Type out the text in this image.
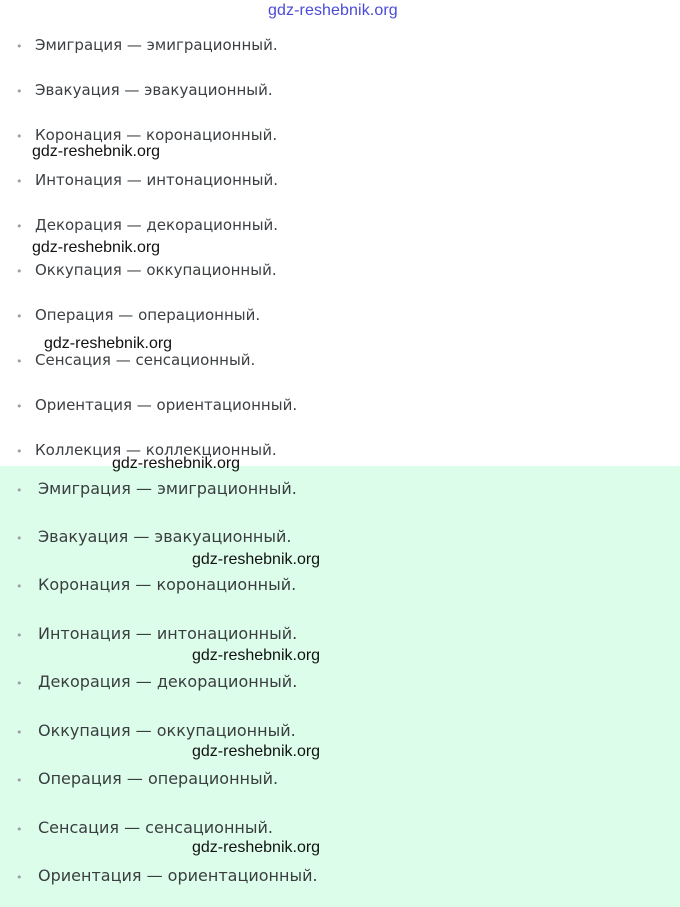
• Эмиграция — эмиграционный.
• Эвакуация — эвакуационный.
• Коронация — коронационный.
• Интонация — интонационный.
• Декорация — декорационный.
• Оккупация — оккупационный.
• Операция — операционный.
• Сенсация — сенсационный.
• Ориентация — ориентационный.
• Коллекция — коллекционный.
• Эмиграция — эмиграционный.
• Эвакуация — эвакуационный.
• Коронация — коронационный.
• Интонация — интонационный.
• Декорация — декорационный.
• Оккупация — оккупационный.
• Операция — операционный.
• Сенсация — сенсационный.
• Ориентация — ориентационный.
gdz-reshebnik.org
gdz-reshebnik.org
gdz-reshebnik.org
gdz-reshebnik.org
gdz-reshebnik.org
gdz-reshebnik.org
gdz-reshebnik.org
gdz-reshebnik.org
gdz-reshebnik.org
